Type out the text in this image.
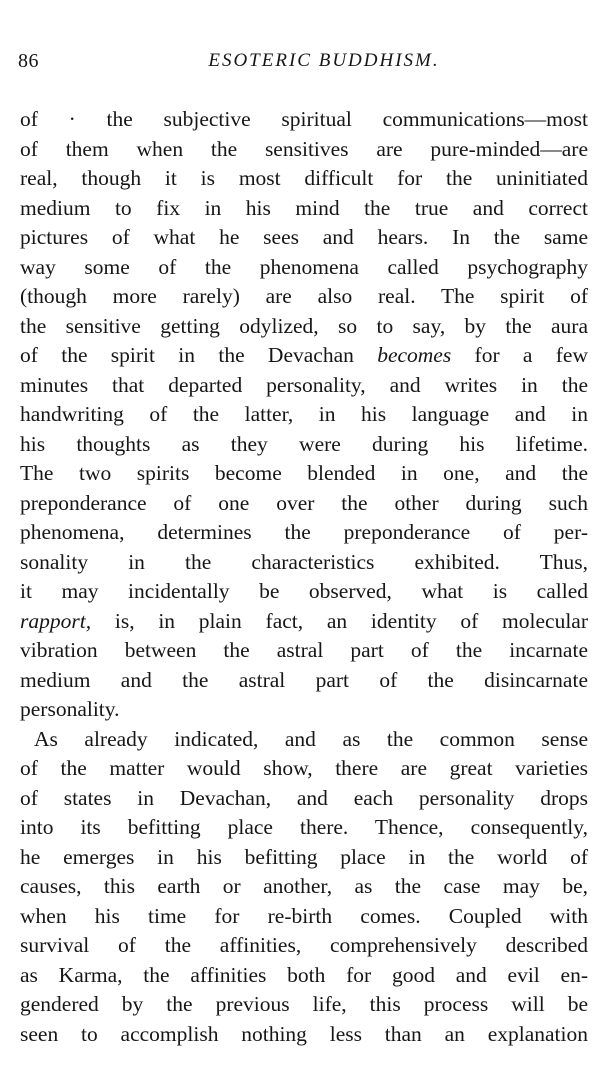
86	ESOTERIC BUDDHISM.
of · the subjective spiritual communications—most
of them when the sensitives are pure-minded—are
real, though it is most difficult for the uninitiated
medium to fix in his mind the true and correct
pictures of what he sees and hears. In the same
way some of the phenomena called psychography
(though more rarely) are also real. The spirit of
the sensitive getting odylized, so to say, by the aura
of the spirit in the Devachan becomes for a few
minutes that departed personality, and writes in the
handwriting of the latter, in his language and in
his thoughts as they were during his lifetime.
The two spirits become blended in one, and the
preponderance of one over the other during such
phenomena, determines the preponderance of per-
sonality in the characteristics exhibited. Thus,
it may incidentally be observed, what is called
rapport, is, in plain fact, an identity of molecular
vibration between the astral part of the incarnate
medium and the astral part of the disincarnate
personality.
As already indicated, and as the common sense
of the matter would show, there are great varieties
of states in Devachan, and each personality drops
into its befitting place there. Thence, consequently,
he emerges in his befitting place in the world of
causes, this earth or another, as the case may be,
when his time for re-birth comes. Coupled with
survival of the affinities, comprehensively described
as Karma, the affinities both for good and evil en-
gendered by the previous life, this process will be
seen to accomplish nothing less than an explanation
